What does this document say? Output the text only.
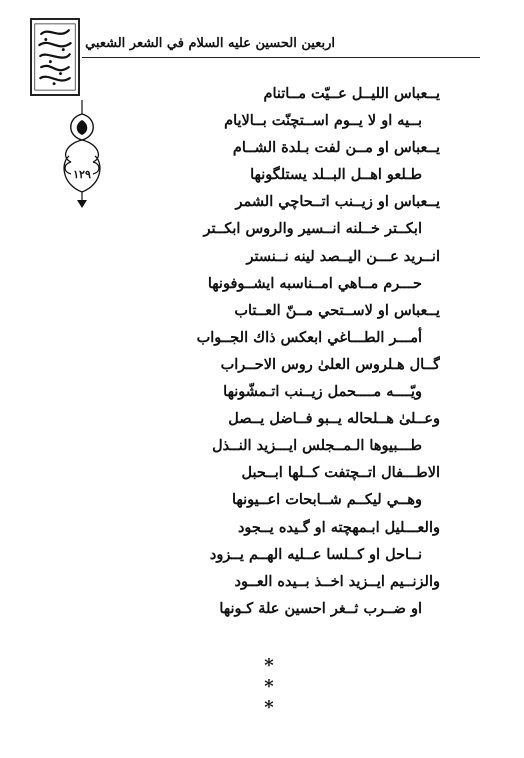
اربعين الحسين عليه السلام في الشعر الشعبي
١٢٩
يــعباس الليــل عــيّت مــاتنام
بــيه او لا يــوم اســتچنّت بــالايام
يــعباس او مــن لفت بـلدة الشــام
طـلعو اهــل البــلد يستلگونها
يــعباس او زيــنب اتــحاچي الشمر
ابكــتر خــلنه انــسير والروس ابكــتر
انــريد عـــن اليــصد لينه نــنستر
حـــرم مــاهي امــناسبه ايشــوفونها
يــعباس او لاســتحي مــنّ العــتاب
أمـــر الطـــاغي ابعكس ذاك الجــواب
گــال هـلروس العلىٰ روس الاحــراب
ويّــــه مــــحمل زيــنب اتـمشّونها
وعــلىٰ هــلحاله يــبو فــاضل يــصل
طـــبيوها الـمــجلس ايـــزيد النــذل
الاطـــفال اتــچتفت كــلها ابــحبل
وهــي ليكــم شــابحات اعــيونها
والعـــليل ابـمهچته او گـيده يــجود
نــاحل او كــلسا عــليه الهــم يــزود
والزنــيم ايــزيد اخــذ بــيده العــود
او ضــرب ثــغر احسين علة كـونها
* * *
